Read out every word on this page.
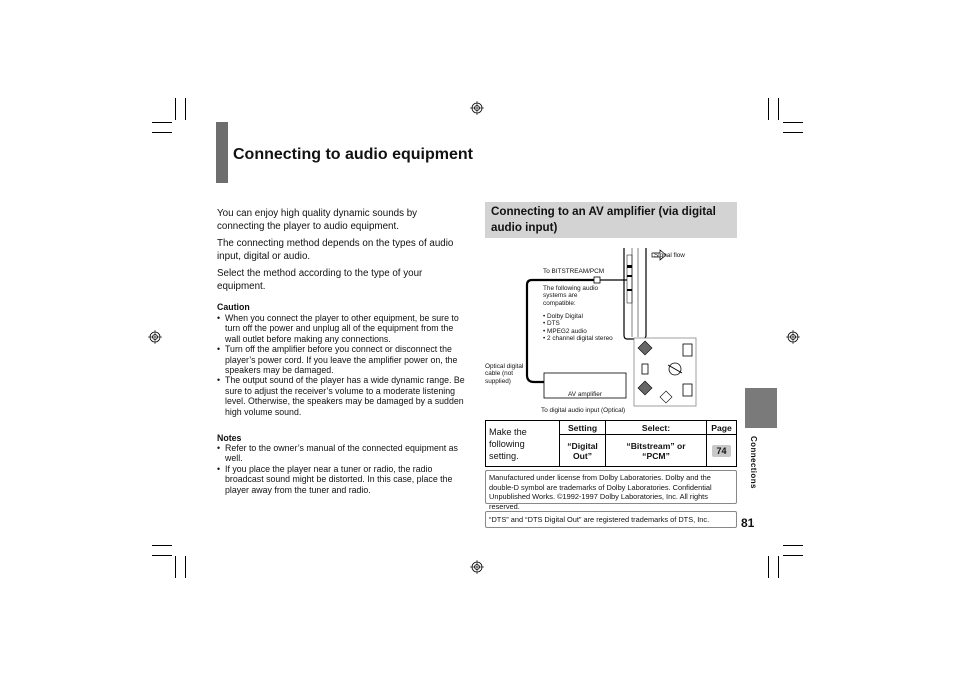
Connecting to audio equipment

You can enjoy high quality dynamic sounds by connecting the player to audio equipment.

The connecting method depends on the types of audio input, digital or audio.

Select the method according to the type of your equipment.

Caution
• When you connect the player to other equipment, be sure to turn off the power and unplug all of the equipment from the wall outlet before making any connections.
• Turn off the amplifier before you connect or disconnect the player’s power cord. If you leave the amplifier power on, the speakers may be damaged.
• The output sound of the player has a wide dynamic range. Be sure to adjust the receiver’s volume to a moderate listening level. Otherwise, the speakers may be damaged by a sudden high volume sound.
Notes
• Refer to the owner’s manual of the connected equipment as well.
• If you place the player near a tuner or radio, the radio broadcast sound might be distorted. In this case, place the player away from the tuner and radio.
Connecting to an AV amplifier (via digital audio input)
Signal flow
To BITSTREAM/PCM
The following audio systems are compatible:
• Dolby Digital
• DTS
• MPEG2 audio
• 2 channel digital stereo
Optical digital cable (not supplied)
AV amplifier
To digital audio input (Optical)
Make the following setting.	Setting	Select:	Page
	“Digital Out”	“Bitstream” or “PCM”	74
Manufactured under license from Dolby Laboratories. Dolby and the double-D symbol are trademarks of Dolby Laboratories. Confidential Unpublished Works. ©1992-1997 Dolby Laboratories, Inc. All rights reserved.
“DTS” and “DTS Digital Out” are registered trademarks of DTS, Inc.
Connections
81
